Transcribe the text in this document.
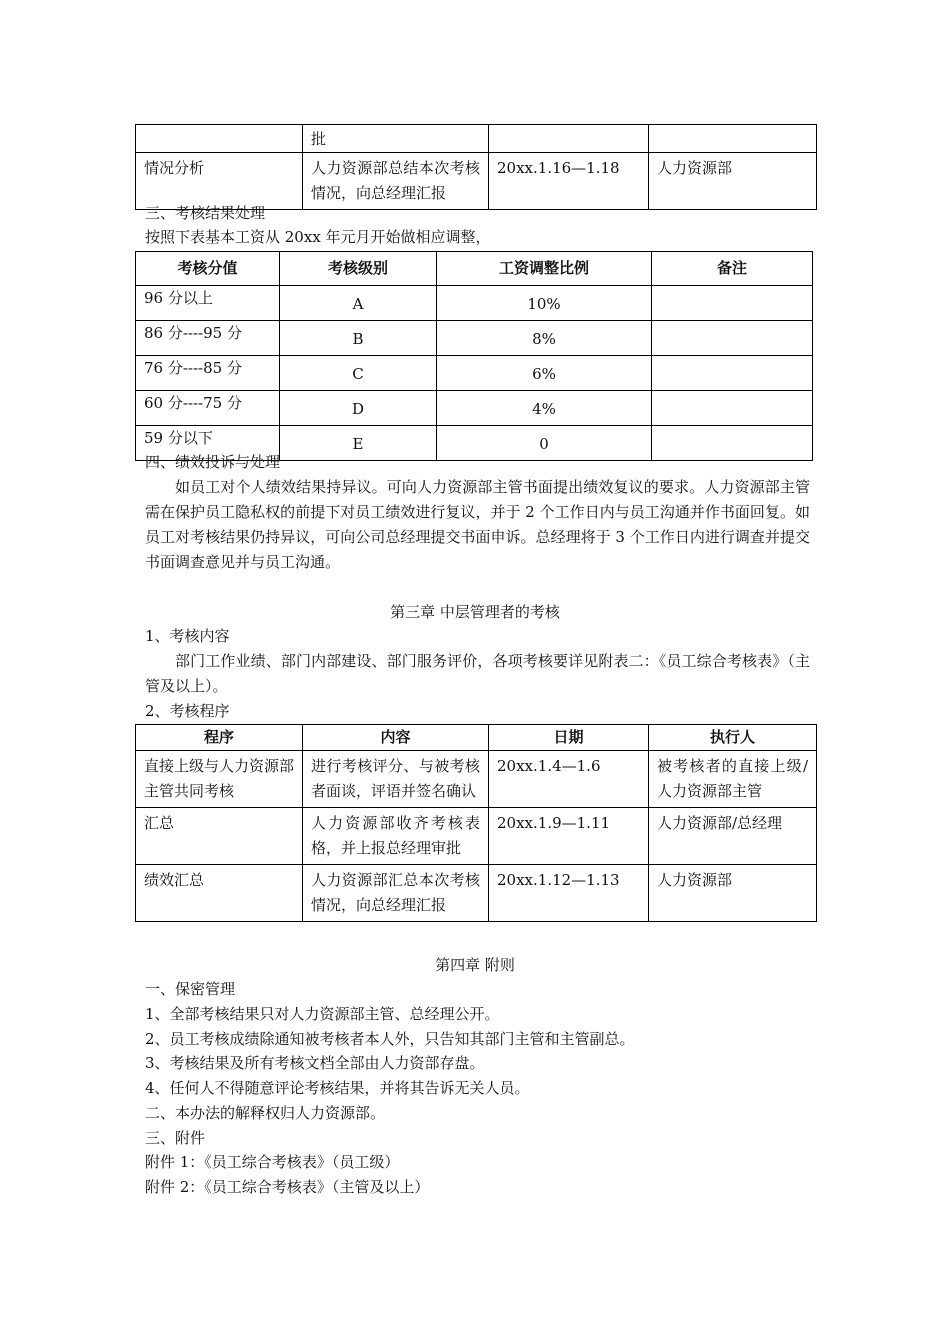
	批		
情况分析	人力资源部总结本次考核情况，向总经理汇报	20xx.1.16—1.18	人力资源部
三、考核结果处理
按照下表基本工资从 20xx 年元月开始做相应调整，
考核分值	考核级别	工资调整比例	备注
96 分以上	A	10%	
86 分----95 分	B	8%	
76 分----85 分	C	6%	
60 分----75 分	D	4%	
59 分以下	E	0	
四、绩效投诉与处理
如员工对个人绩效结果持异议。可向人力资源部主管书面提出绩效复议的要求。人力资源部主管需在保护员工隐私权的前提下对员工绩效进行复议，并于 2 个工作日内与员工沟通并作书面回复。如员工对考核结果仍持异议，可向公司总经理提交书面申诉。总经理将于 3 个工作日内进行调查并提交书面调查意见并与员工沟通。
第三章 中层管理者的考核
1、考核内容
部门工作业绩、部门内部建设、部门服务评价，各项考核要详见附表二：《员工综合考核表》（主管及以上）。
2、考核程序
程序	内容	日期	执行人
直接上级与人力资源部主管共同考核	进行考核评分、与被考核者面谈，评语并签名确认	20xx.1.4—1.6	被考核者的直接上级/人力资源部主管
汇总	人力资源部收齐考核表格，并上报总经理审批	20xx.1.9—1.11	人力资源部/总经理
绩效汇总	人力资源部汇总本次考核情况，向总经理汇报	20xx.1.12—1.13	人力资源部
第四章 附则
一、保密管理
1、全部考核结果只对人力资源部主管、总经理公开。
2、员工考核成绩除通知被考核者本人外，只告知其部门主管和主管副总。
3、考核结果及所有考核文档全部由人力资部存盘。
4、任何人不得随意评论考核结果，并将其告诉无关人员。
二、本办法的解释权归人力资源部。
三、附件
附件 1：《员工综合考核表》（员工级）
附件 2：《员工综合考核表》（主管及以上）
